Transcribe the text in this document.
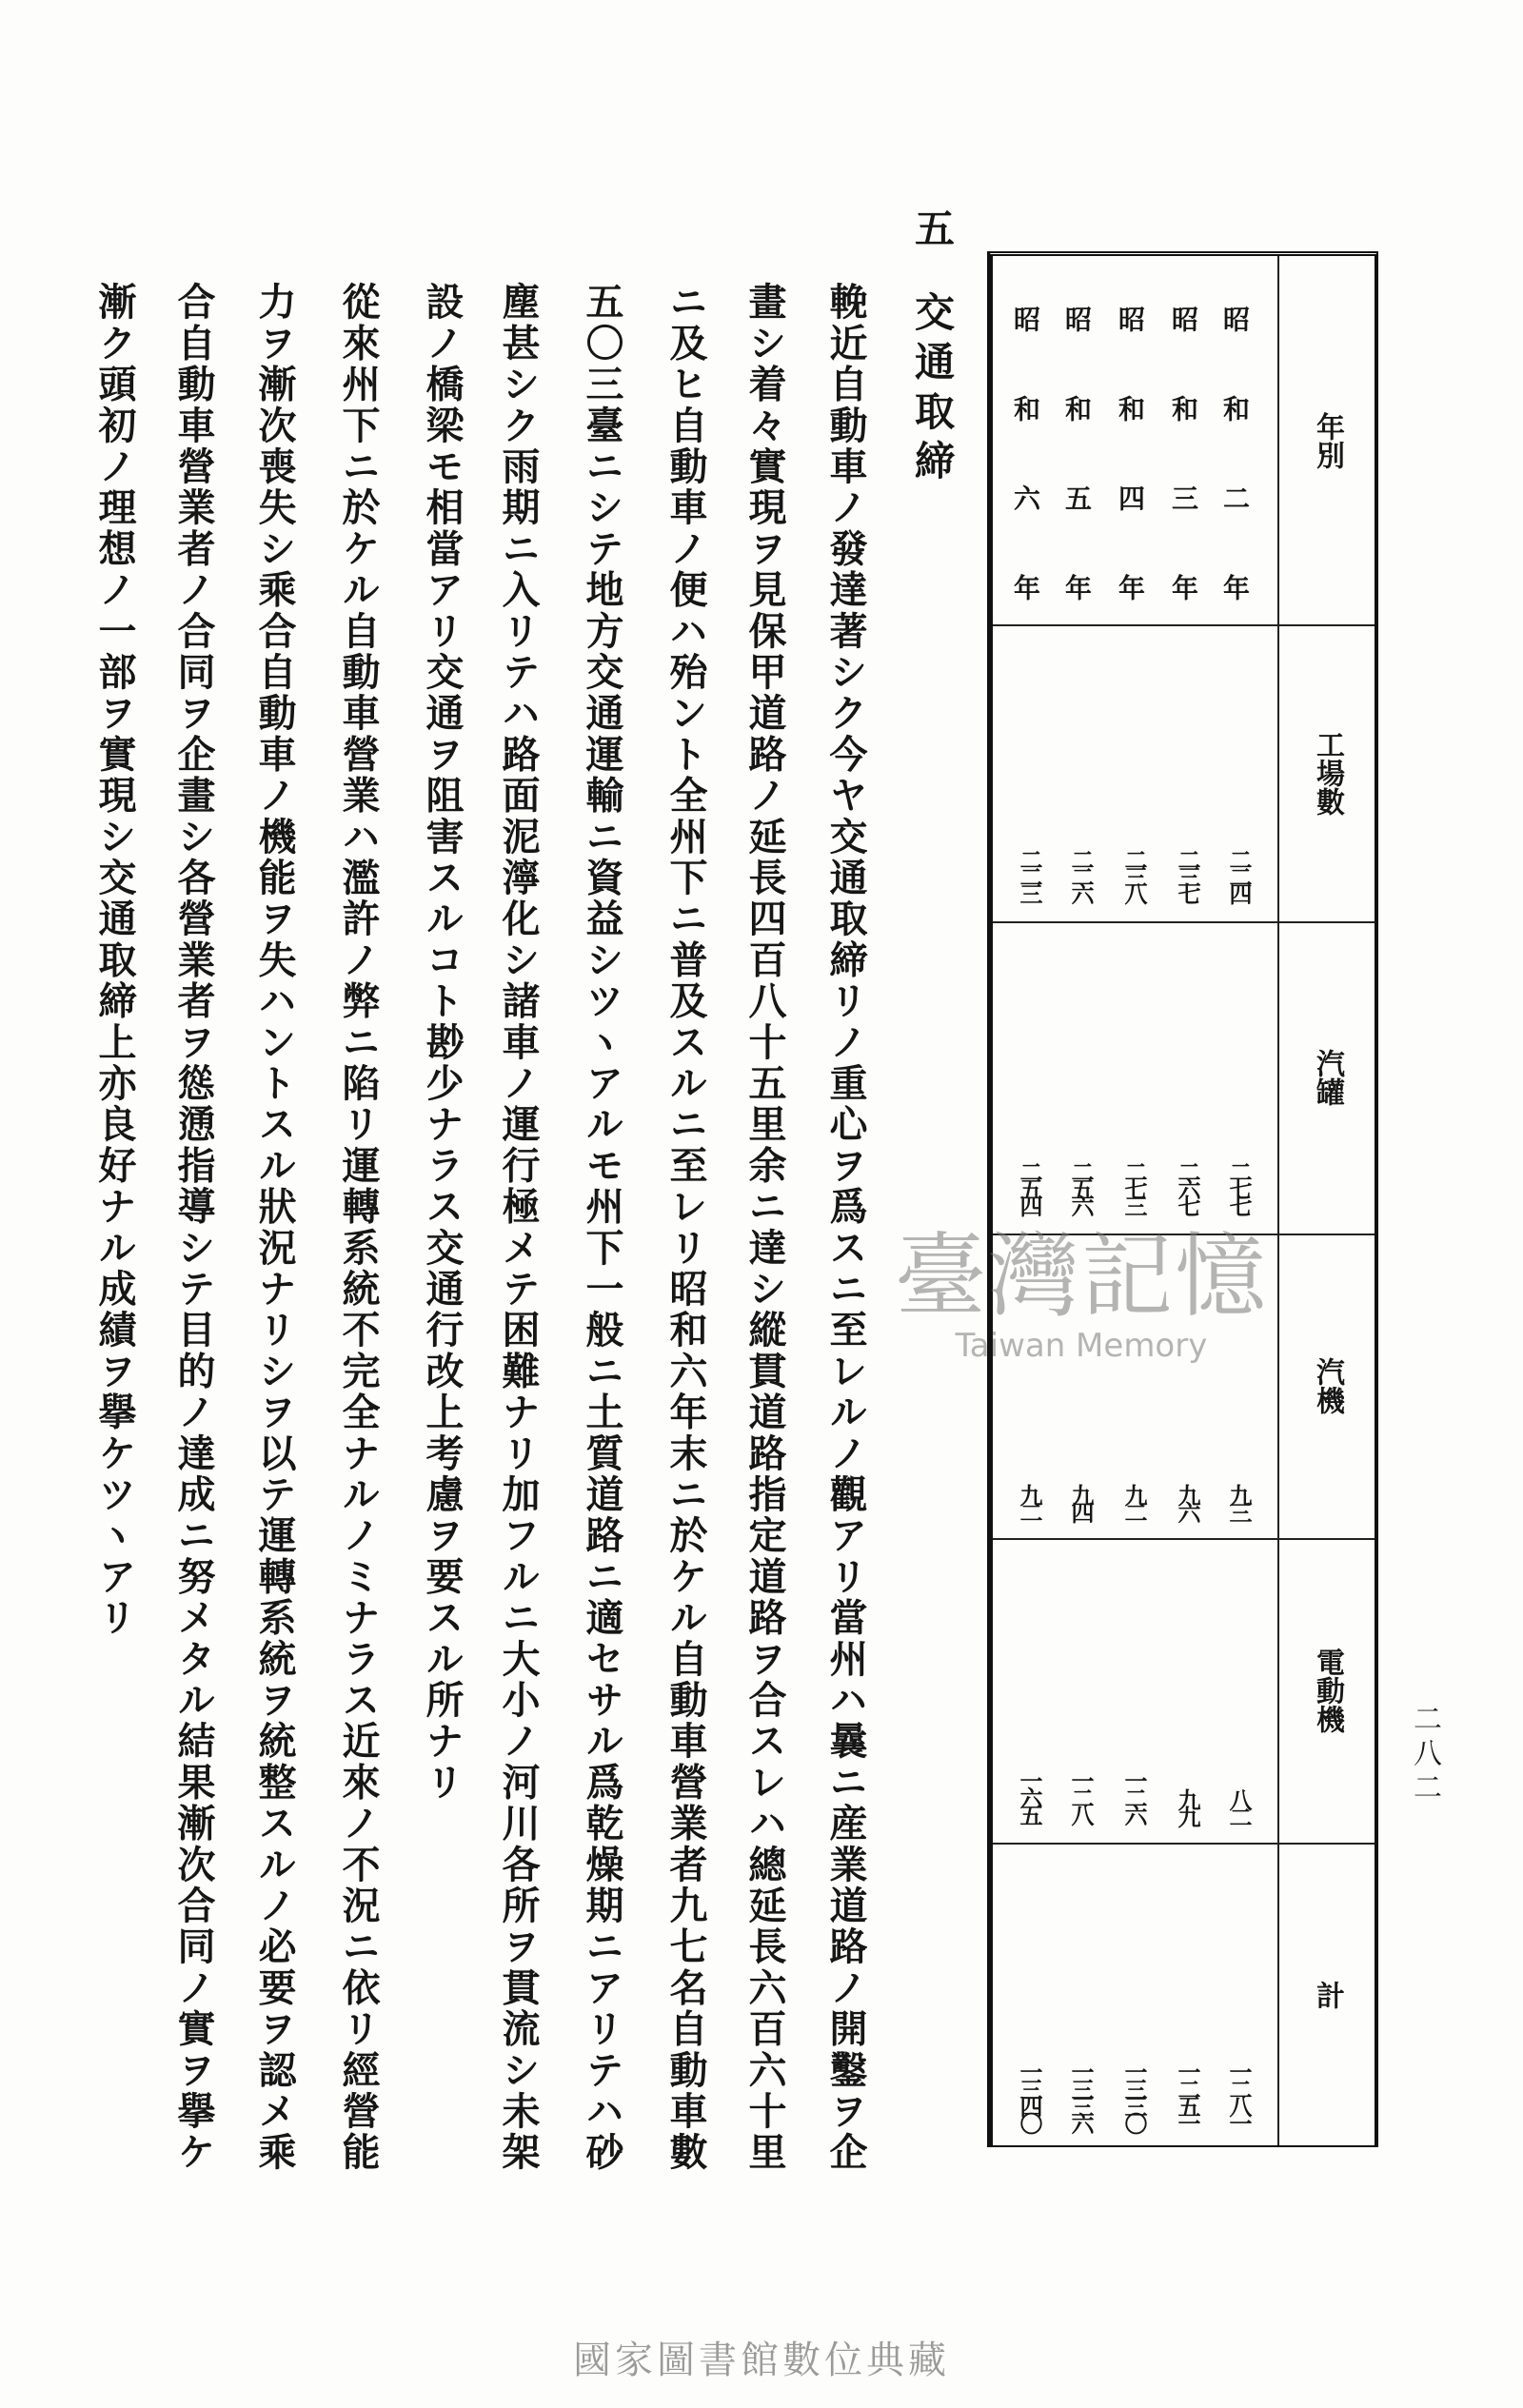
五
交通取締
輓近自動車ノ發達著シク今ヤ交通取締リノ重心ヲ爲スニ至レルノ觀アリ當州ハ曩ニ産業道路ノ開鑿ヲ企
畫シ着々實現ヲ見保甲道路ノ延長四百八十五里余ニ達シ縱貫道路指定道路ヲ合スレハ總延長六百六十里
ニ及ヒ自動車ノ便ハ殆ント全州下ニ普及スルニ至レリ昭和六年末ニ於ケル自動車營業者九七名自動車數
五〇三臺ニシテ地方交通運輸ニ資益シツヽアルモ州下一般ニ土質道路ニ適セサル爲乾燥期ニアリテハ砂
塵甚シク雨期ニ入リテハ路面泥濘化シ諸車ノ運行極メテ困難ナリ加フルニ大小ノ河川各所ヲ貫流シ未架
設ノ橋梁モ相當アリ交通ヲ阻害スルコト尠少ナラス交通行改上考慮ヲ要スル所ナリ
從來州下ニ於ケル自動車營業ハ濫許ノ弊ニ陷リ運轉系統不完全ナルノミナラス近來ノ不況ニ依リ經營能
力ヲ漸次喪失シ乘合自動車ノ機能ヲ失ハントスル狀況ナリシヲ以テ運轉系統ヲ統整スルノ必要ヲ認メ乘
合自動車營業者ノ合同ヲ企畫シ各營業者ヲ慫慂指導シテ目的ノ達成ニ努メタル結果漸次合同ノ實ヲ擧ケ
漸ク頭初ノ理想ノ一部ヲ實現シ交通取締上亦良好ナル成績ヲ擧ケツヽアリ	年別
工場數
汽罐
汽機
電動機
計
昭和二年
二二四
二七七
九三
八二
一二八一
昭和三年
二三七
二六七
九六
九九
一二五一
昭和四年
二三八
二七三
九二
一二六
一三三〇
昭和五年
二二六
二五六
九四
一二八
一三三六
昭和六年
二二三
二五四
九二
一六五
一三四〇
二八二
臺灣記憶
Taiwan Memory
國家圖書館數位典藏
